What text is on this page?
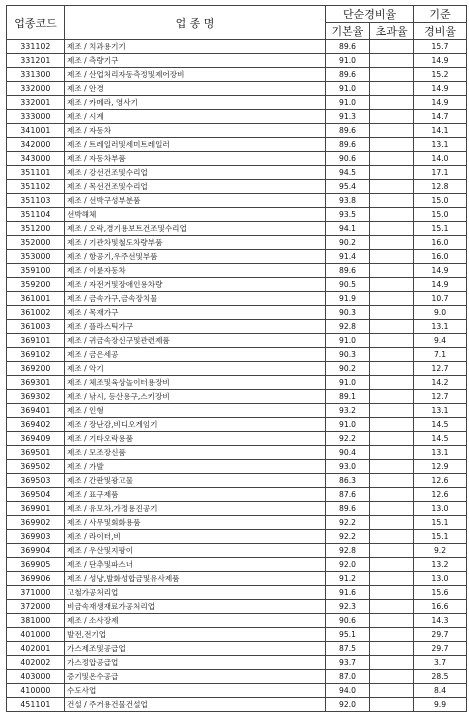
업종코드	업 종 명	단순경비율		기준
		기본율	초과율	경비율
331102	제조 / 치과용기기	89.6		15.7
331201	제조 / 측량기구	91.0		14.9
331300	제조 / 산업처리자동측정및제어장비	89.6		15.2
332000	제조 / 안경	91.0		14.9
332001	제조 / 카메라, 영사기	91.0		14.9
333000	제조 / 시계	91.3		14.7
341001	제조 / 자동차	89.6		14.1
342000	제조 / 트레일러및세미트레일러	89.6		13.1
343000	제조 / 자동차부품	90.6		14.0
351101	제조 / 강선건조및수리업	94.5		17.1
351102	제조 / 목선건조및수리업	95.4		12.8
351103	제조 / 선박구성부분품	93.8		15.0
351104	선박해체	93.5		15.0
351200	제조 / 오락,경기용보트건조및수리업	94.1		15.1
352000	제조 / 기관차및철도차량부품	90.2		16.0
353000	제조 / 항공기,우주선및부품	91.4		16.0
359100	제조 / 이륜자동차	89.6		14.9
359200	제조 / 자전거및장애인용차량	90.5		14.9
361001	제조 / 금속가구,금속장치물	91.9		10.7
361002	제조 / 목재가구	90.3		9.0
361003	제조 / 플라스틱가구	92.8		13.1
369101	제조 / 귀금속장신구및관련제품	91.0		9.4
369102	제조 / 금은세공	90.3		7.1
369200	제조 / 악기	90.2		12.7
369301	제조 / 체조및육상놀이터용장비	91.0		14.2
369302	제조 / 낚시, 등산용구,스키장비	89.1		12.7
369401	제조 / 인형	93.2		13.1
369402	제조 / 장난감,비디오게임기	91.0		14.5
369409	제조 / 기타오락용품	92.2		14.5
369501	제조 / 모조장신품	90.4		13.1
369502	제조 / 가발	93.0		12.9
369503	제조 / 간판및광고물	86.3		12.6
369504	제조 / 표구제품	87.6		12.6
369901	제조 / 유모차,가정용진공기	89.6		13.0
369902	제조 / 사무및회화용품	92.2		15.1
369903	제조 / 라이터,비	92.2		15.1
369904	제조 / 우산및지팡이	92.8		9.2
369905	제조 / 단추및파스너	92.0		13.2
369906	제조 / 성냥,발화성합금및유사제품	91.2		13.0
371000	고철가공처리업	91.6		15.6
372000	비금속재생재료가공처리업	92.3		16.6
381000	제조 / 소사장제	90.6		14.3
401000	발전,전기업	95.1		29.7
402001	가스제조및공급업	87.5		29.7
402002	가스정압공급업	93.7		3.7
403000	증기및온수공급	87.0		28.5
410000	수도사업	94.0		8.4
451101	건설 / 주거용건물건설업	92.0		9.9
